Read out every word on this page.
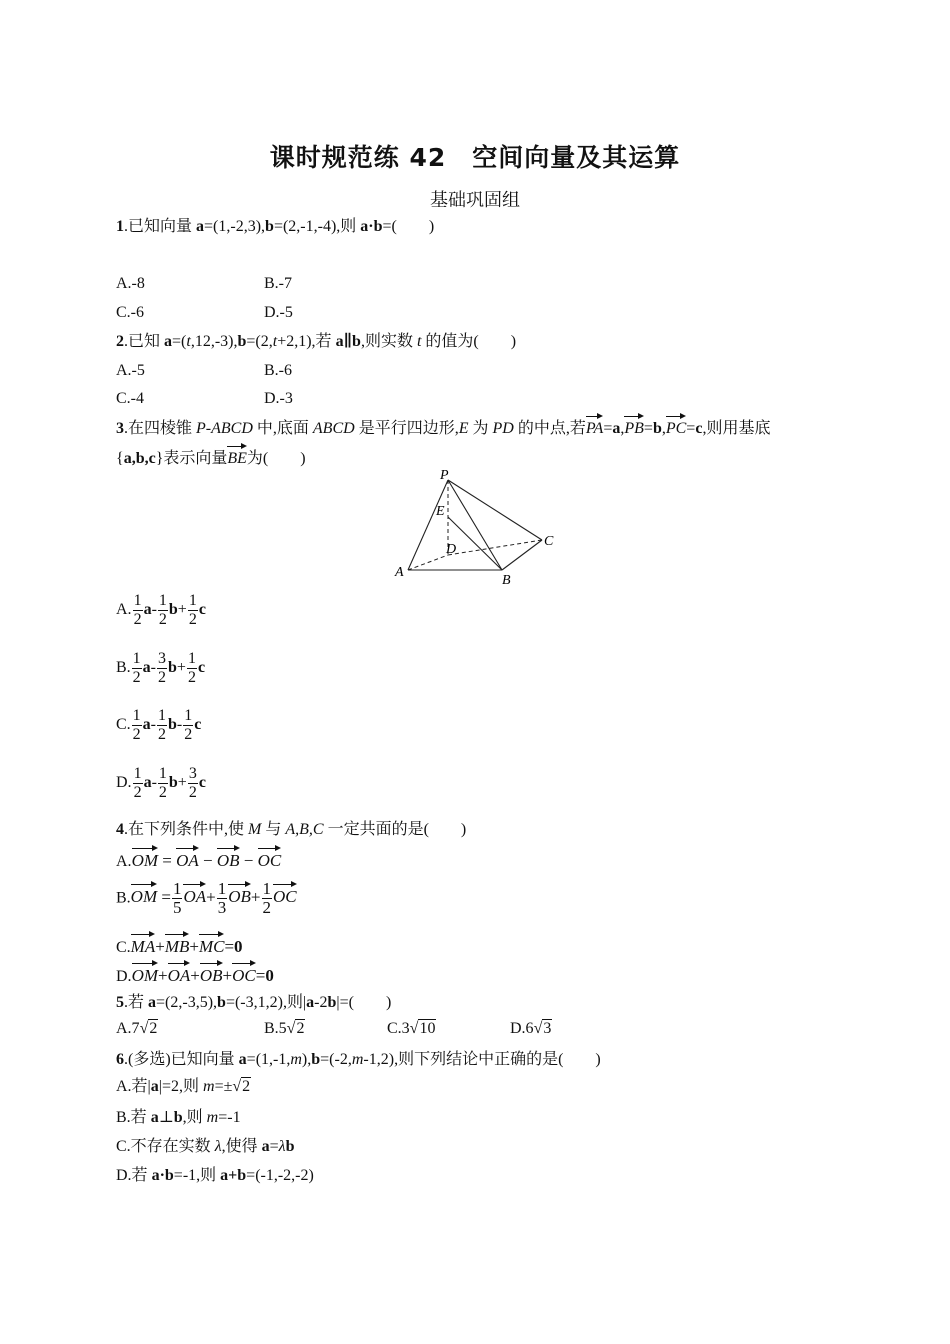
课时规范练 42　空间向量及其运算
基础巩固组
1.已知向量 a=(1,-2,3),b=(2,-1,-4),则 a·b=(　　)
A.-8	B.-7
C.-6	D.-5
2.已知 a=(t,12,-3),b=(2,t+2,1),若 a∥b,则实数 t 的值为(　　)
A.-5	B.-6
C.-4	D.-3
3.在四棱锥 P-ABCD 中,底面 ABCD 是平行四边形,E 为 PD 的中点,若PA=a,PB=b,PC=c,则用基底
{a,b,c}表示向量BE为(　　)
P
E
D
C
A
B
A. $\frac{1}{2} a- \frac{1}{2} b+ \frac{1}{2}$ c
B. $\frac{1}{2} a- \frac{3}{2} b+ \frac{1}{2}$ c
C. $\frac{1}{2} a- \frac{1}{2} b- \frac{1}{2}$ c
D. $\frac{1}{2} a- \frac{1}{2} b+ \frac{3}{2}$ c
4.在下列条件中,使 M 与 A,B,C 一定共面的是(　　)
A.OM = OA − OB − OC
$B.OM = \frac{1}{5} OA+ \frac{1}{3} OB+ \frac{1}{2}$ OC
C.MA+MB+MC=0
D.OM+OA+OB+OC=0
5.若 a=(2,-3,5),b=(-3,1,2),则|a-2b|=(　　)
A.7√2	B.5√2	C.3√10	D.6√3
6.(多选)已知向量 a=(1,-1,m),b=(-2,m-1,2),则下列结论中正确的是(　　)
A.若|a|=2,则 m=±√2
B.若 a⊥b,则 m=-1
C.不存在实数 λ,使得 a=λb
D.若 a·b=-1,则 a+b=(-1,-2,-2)
